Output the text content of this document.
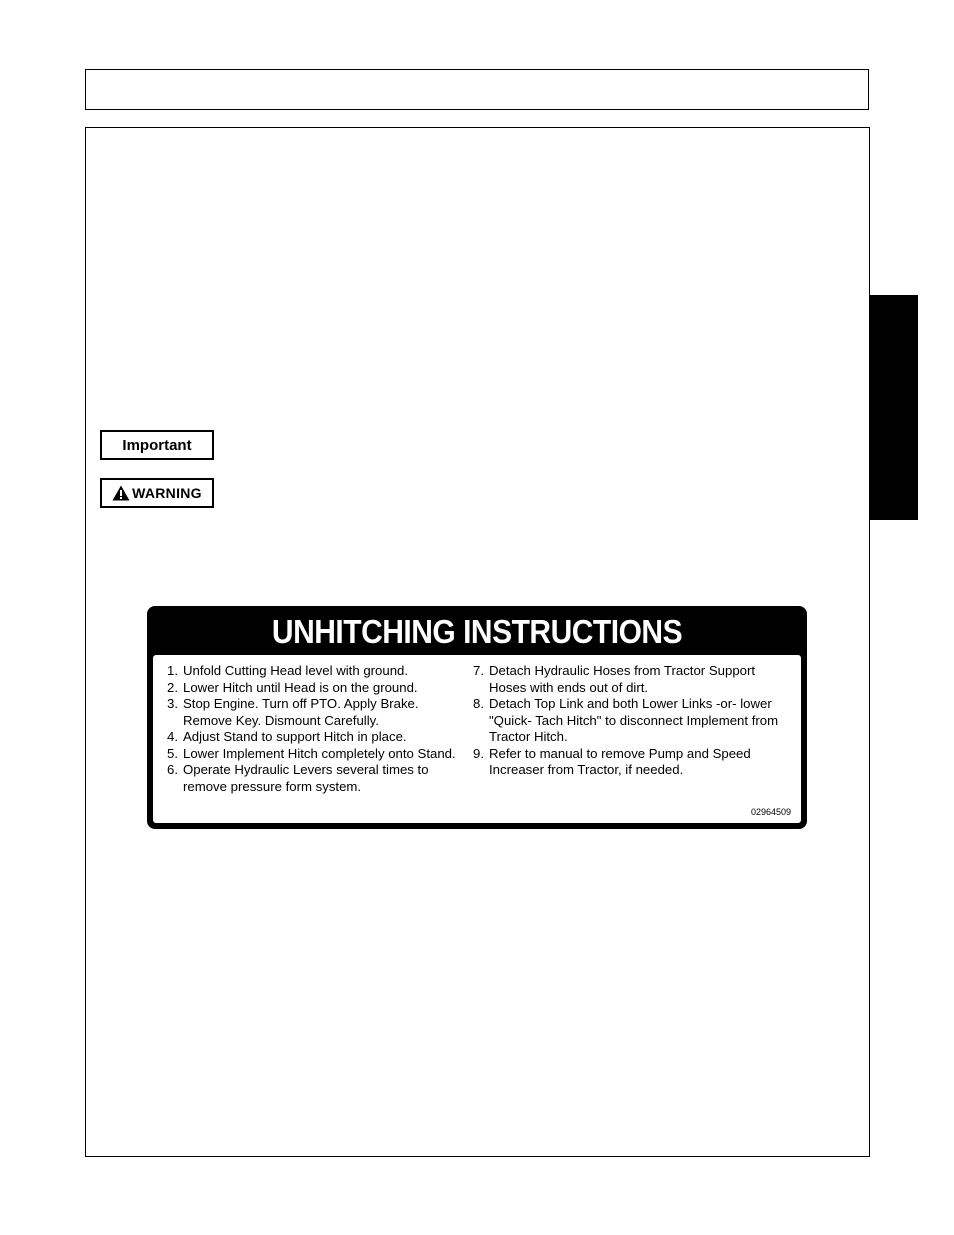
Important
WARNING
UNHITCHING INSTRUCTIONS
1. Unfold Cutting Head level with ground.
2. Lower Hitch until Head is on the ground.
3. Stop Engine. Turn off PTO. Apply Brake. Remove Key. Dismount Carefully.
4. Adjust Stand to support Hitch in place.
5. Lower Implement Hitch completely onto Stand.
6. Operate Hydraulic Levers several times to remove pressure form system.
7. Detach Hydraulic Hoses from Tractor Support Hoses with ends out of dirt.
8. Detach Top Link and both Lower Links -or- lower "Quick- Tach Hitch" to disconnect Implement from Tractor Hitch.
9. Refer to manual to remove Pump and Speed Increaser from Tractor, if needed.
02964509
